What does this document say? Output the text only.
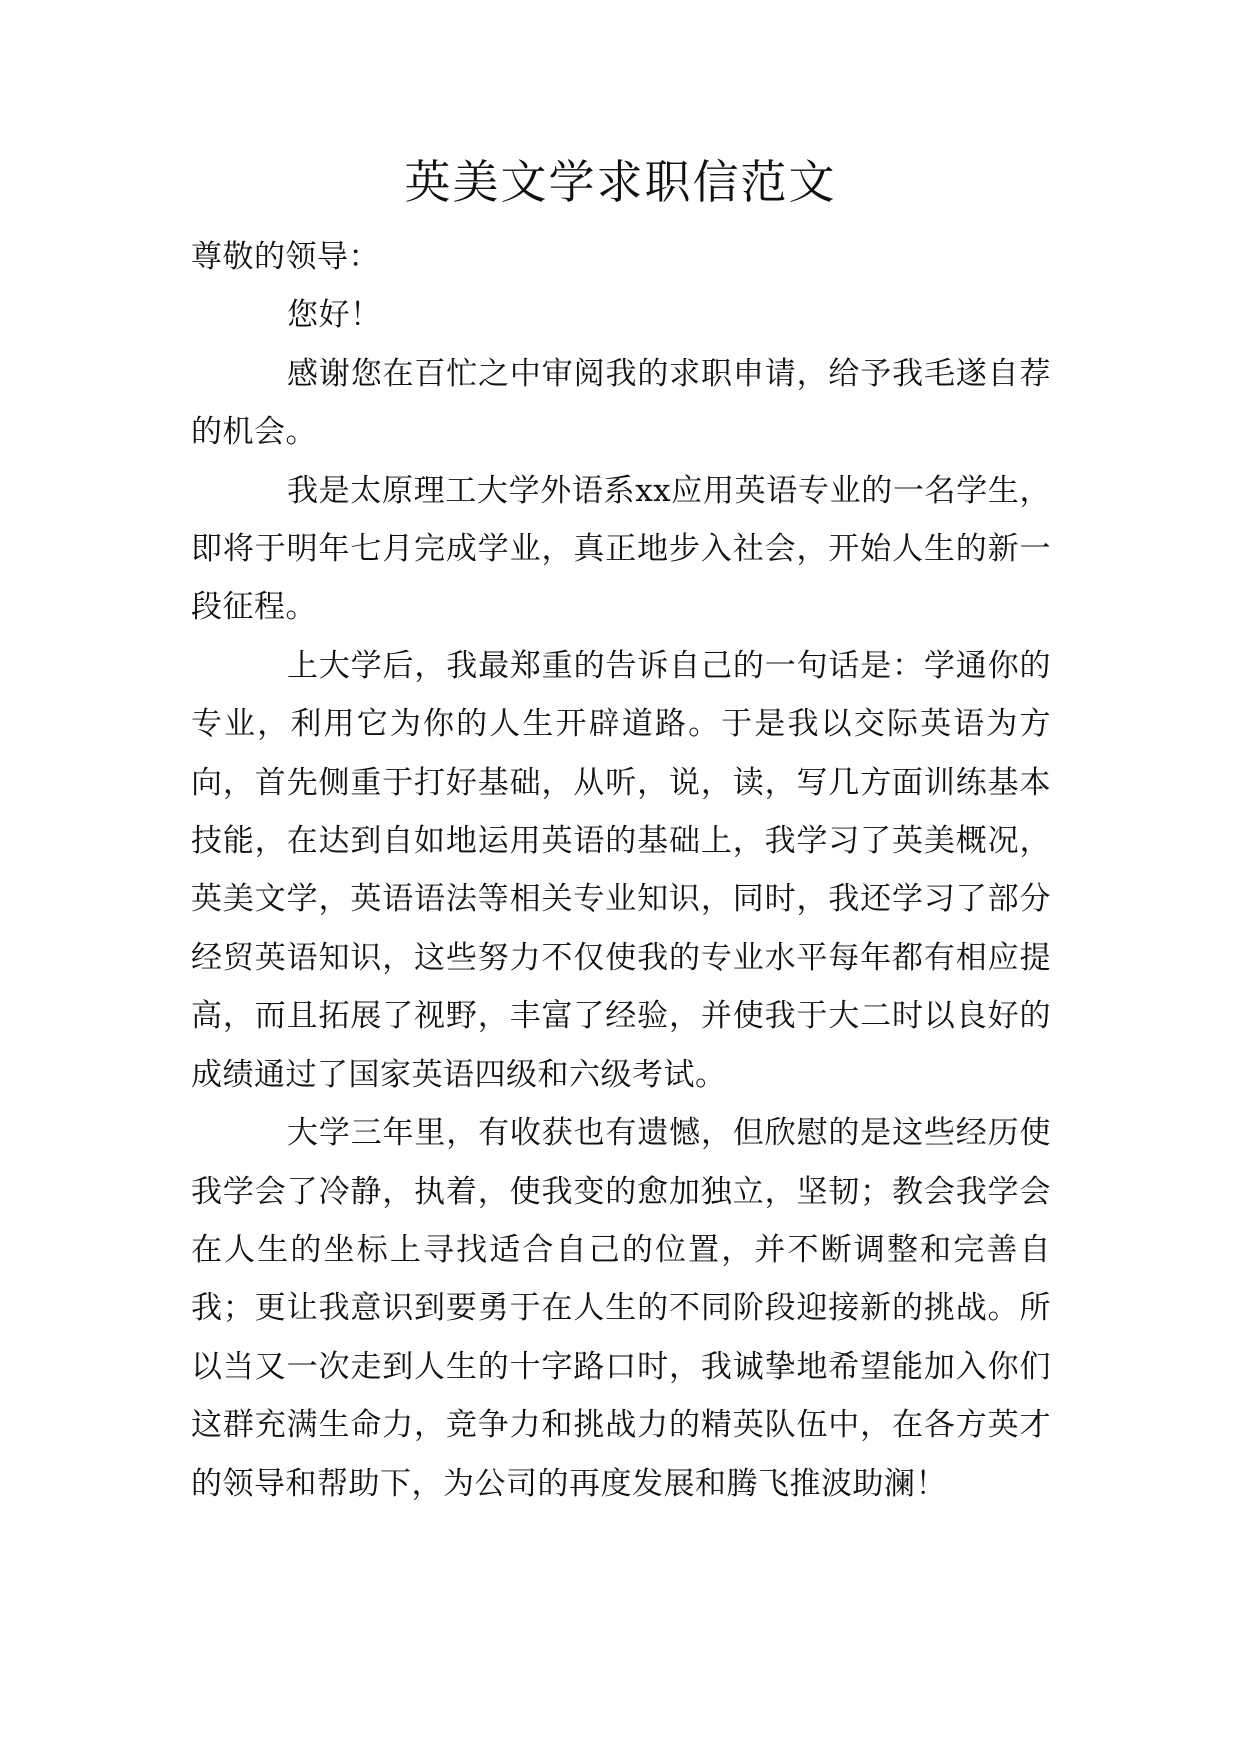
英美文学求职信范文

尊敬的领导：

您好！

感谢您在百忙之中审阅我的求职申请，给予我毛遂自荐的机会。

我是太原理工大学外语系xx应用英语专业的一名学生，即将于明年七月完成学业，真正地步入社会，开始人生的新一段征程。

上大学后，我最郑重的告诉自己的一句话是：学通你的专业，利用它为你的人生开辟道路。于是我以交际英语为方向，首先侧重于打好基础，从听，说，读，写几方面训练基本技能，在达到自如地运用英语的基础上，我学习了英美概况，英美文学，英语语法等相关专业知识，同时，我还学习了部分经贸英语知识，这些努力不仅使我的专业水平每年都有相应提高，而且拓展了视野，丰富了经验，并使我于大二时以良好的成绩通过了国家英语四级和六级考试。

大学三年里，有收获也有遗憾，但欣慰的是这些经历使我学会了冷静，执着，使我变的愈加独立，坚韧；教会我学会在人生的坐标上寻找适合自己的位置，并不断调整和完善自我；更让我意识到要勇于在人生的不同阶段迎接新的挑战。所以当又一次走到人生的十字路口时，我诚挚地希望能加入你们这群充满生命力，竞争力和挑战力的精英队伍中，在各方英才的领导和帮助下，为公司的再度发展和腾飞推波助澜！
